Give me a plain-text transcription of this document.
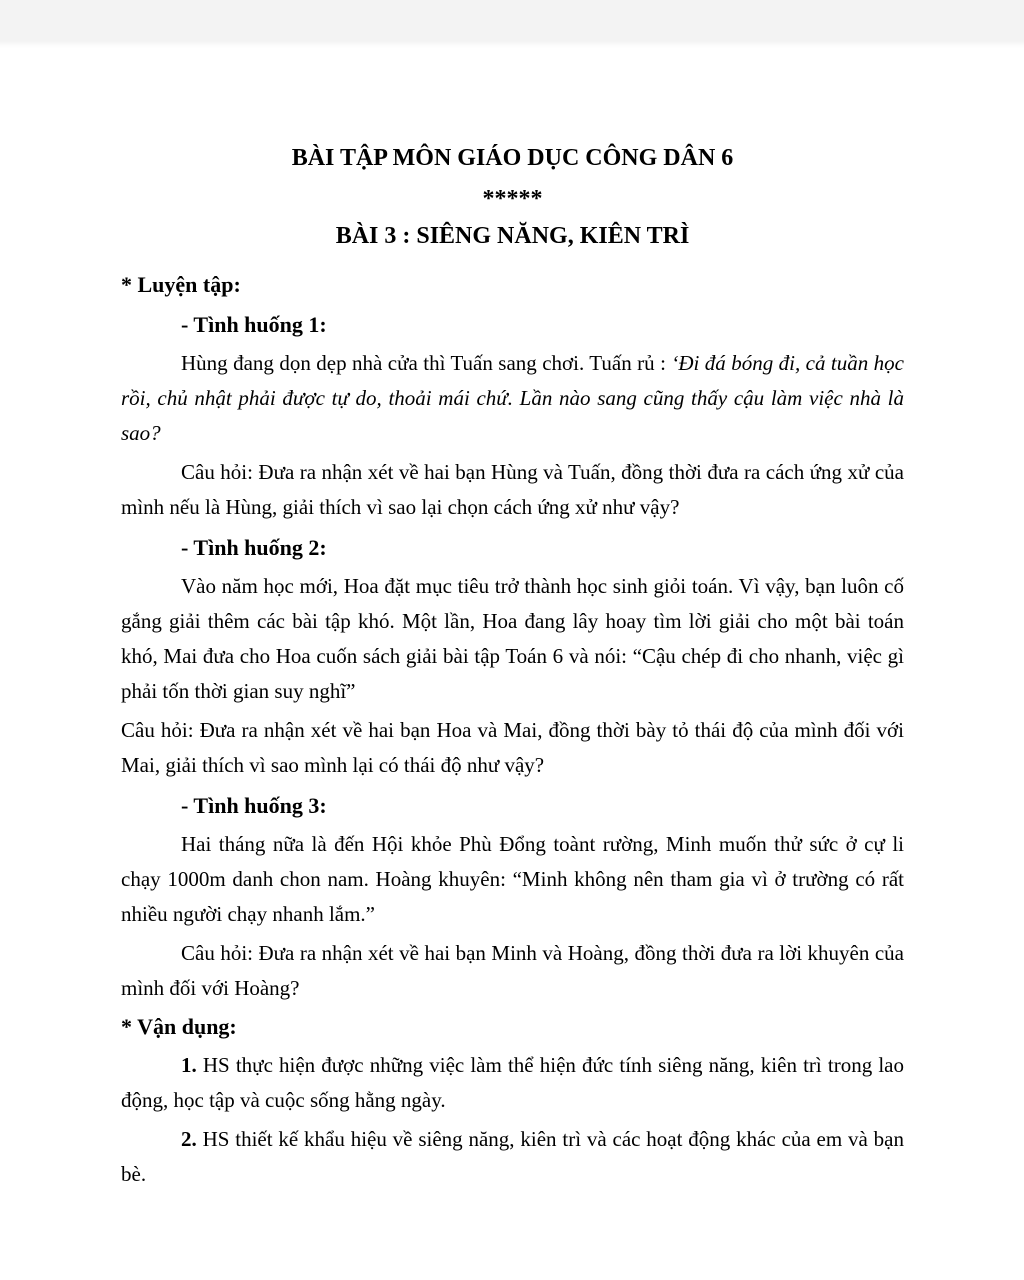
BÀI TẬP MÔN GIÁO DỤC CÔNG DÂN 6
*****
BÀI 3 : SIÊNG NĂNG, KIÊN TRÌ
* Luyện tập:
- Tình huống 1:

Hùng đang dọn dẹp nhà cửa thì Tuấn sang chơi. Tuấn rủ : ‘Đi đá bóng đi, cả tuần học rồi, chủ nhật phải được tự do, thoải mái chứ. Lần nào sang cũng thấy cậu làm việc nhà là sao?

Câu hỏi: Đưa ra nhận xét về hai bạn Hùng và Tuấn, đồng thời đưa ra cách ứng xử của mình nếu là Hùng, giải thích vì sao lại chọn cách ứng xử như vậy?

- Tình huống 2:

Vào năm học mới, Hoa đặt mục tiêu trở thành học sinh giỏi toán. Vì vậy, bạn luôn cố gắng giải thêm các bài tập khó. Một lần, Hoa đang lây hoay tìm lời giải cho một bài toán khó, Mai đưa cho Hoa cuốn sách giải bài tập Toán 6 và nói: “Cậu chép đi cho nhanh, việc gì phải tốn thời gian suy nghĩ”

Câu hỏi: Đưa ra nhận xét về hai bạn Hoa và Mai, đồng thời bày tỏ thái độ của mình đối với Mai, giải thích vì sao mình lại có thái độ như vậy?

- Tình huống 3:

Hai tháng nữa là đến Hội khỏe Phù Đổng toànt rường, Minh muốn thử sức ở cự li chạy 1000m danh chon nam. Hoàng khuyên: “Minh không nên tham gia vì ở trường có rất nhiều người chạy nhanh lắm.”

Câu hỏi: Đưa ra nhận xét về hai bạn Minh và Hoàng, đồng thời đưa ra lời khuyên của mình đối với Hoàng?

* Vận dụng:

1. HS thực hiện được những việc làm thể hiện đức tính siêng năng, kiên trì trong lao động, học tập và cuộc sống hằng ngày.

2. HS thiết kế khẩu hiệu về siêng năng, kiên trì và các hoạt động khác của em và bạn bè.
